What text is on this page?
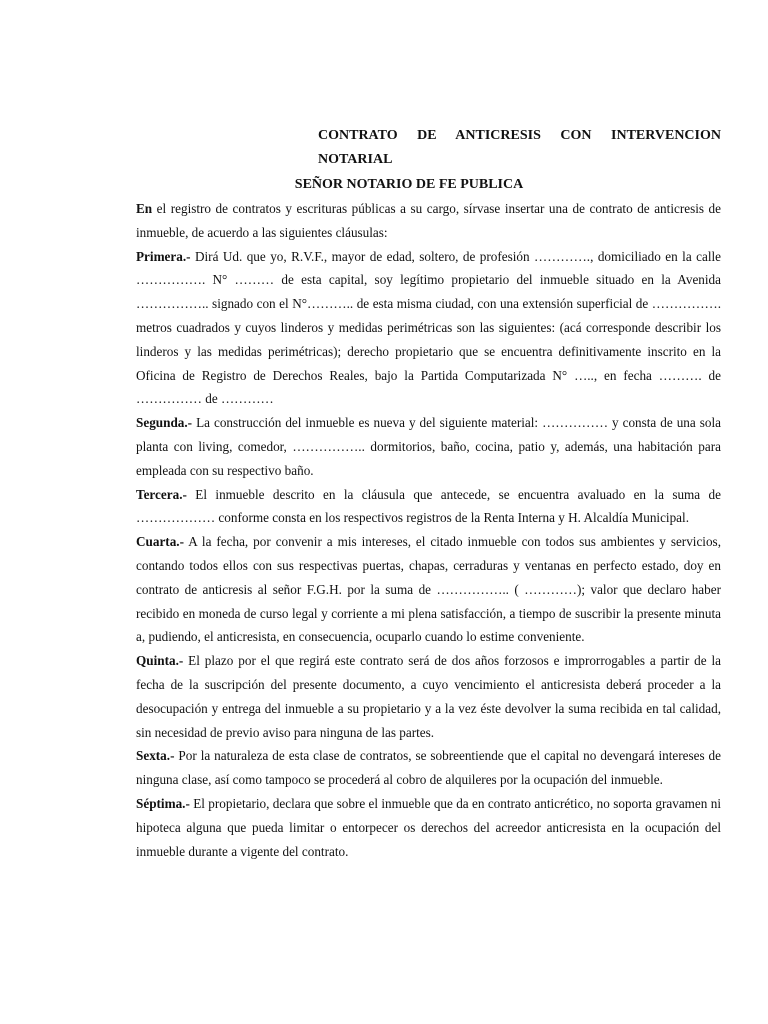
CONTRATO DE ANTICRESIS CON INTERVENCION NOTARIAL
SEÑOR NOTARIO DE FE PUBLICA

En el registro de contratos y escrituras públicas a su cargo, sírvase insertar una de contrato de anticresis de inmueble, de acuerdo a las siguientes cláusulas:

Primera.- Dirá Ud. que yo, R.V.F., mayor de edad, soltero, de profesión …………., domiciliado en la calle ……………. N° ……… de esta capital, soy legítimo propietario del inmueble situado en la Avenida …………….. signado con el N°……….. de esta misma ciudad, con una extensión superficial de ……………. metros cuadrados y cuyos linderos y medidas perimétricas son las siguientes: (acá corresponde describir los linderos y las medidas perimétricas); derecho propietario que se encuentra definitivamente inscrito en la Oficina de Registro de Derechos Reales, bajo la Partida Computarizada N° ….., en fecha ………. de …………… de …………

Segunda.- La construcción del inmueble es nueva y del siguiente material: …………… y consta de una sola planta con living, comedor, …………….. dormitorios, baño, cocina, patio y, además, una habitación para empleada con su respectivo baño.

Tercera.- El inmueble descrito en la cláusula que antecede, se encuentra avaluado en la suma de ……………… conforme consta en los respectivos registros de la Renta Interna y H. Alcaldía Municipal.

Cuarta.- A la fecha, por convenir a mis intereses, el citado inmueble con todos sus ambientes y servicios, contando todos ellos con sus respectivas puertas, chapas, cerraduras y ventanas en perfecto estado, doy en contrato de anticresis al señor F.G.H. por la suma de …………….. ( …………); valor que declaro haber recibido en moneda de curso legal y corriente a mi plena satisfacción, a tiempo de suscribir la presente minuta a, pudiendo, el anticresista, en consecuencia, ocuparlo cuando lo estime conveniente.

Quinta.- El plazo por el que regirá este contrato será de dos años forzosos e improrrogables a partir de la fecha de la suscripción del presente documento, a cuyo vencimiento el anticresista deberá proceder a la desocupación y entrega del inmueble a su propietario y a la vez éste devolver la suma recibida en tal calidad, sin necesidad de previo aviso para ninguna de las partes.

Sexta.- Por la naturaleza de esta clase de contratos, se sobreentiende que el capital no devengará intereses de ninguna clase, así como tampoco se procederá al cobro de alquileres por la ocupación del inmueble.

Séptima.- El propietario, declara que sobre el inmueble que da en contrato anticrético, no soporta gravamen ni hipoteca alguna que pueda limitar o entorpecer os derechos del acreedor anticresista en la ocupación del inmueble durante a vigente del contrato.
